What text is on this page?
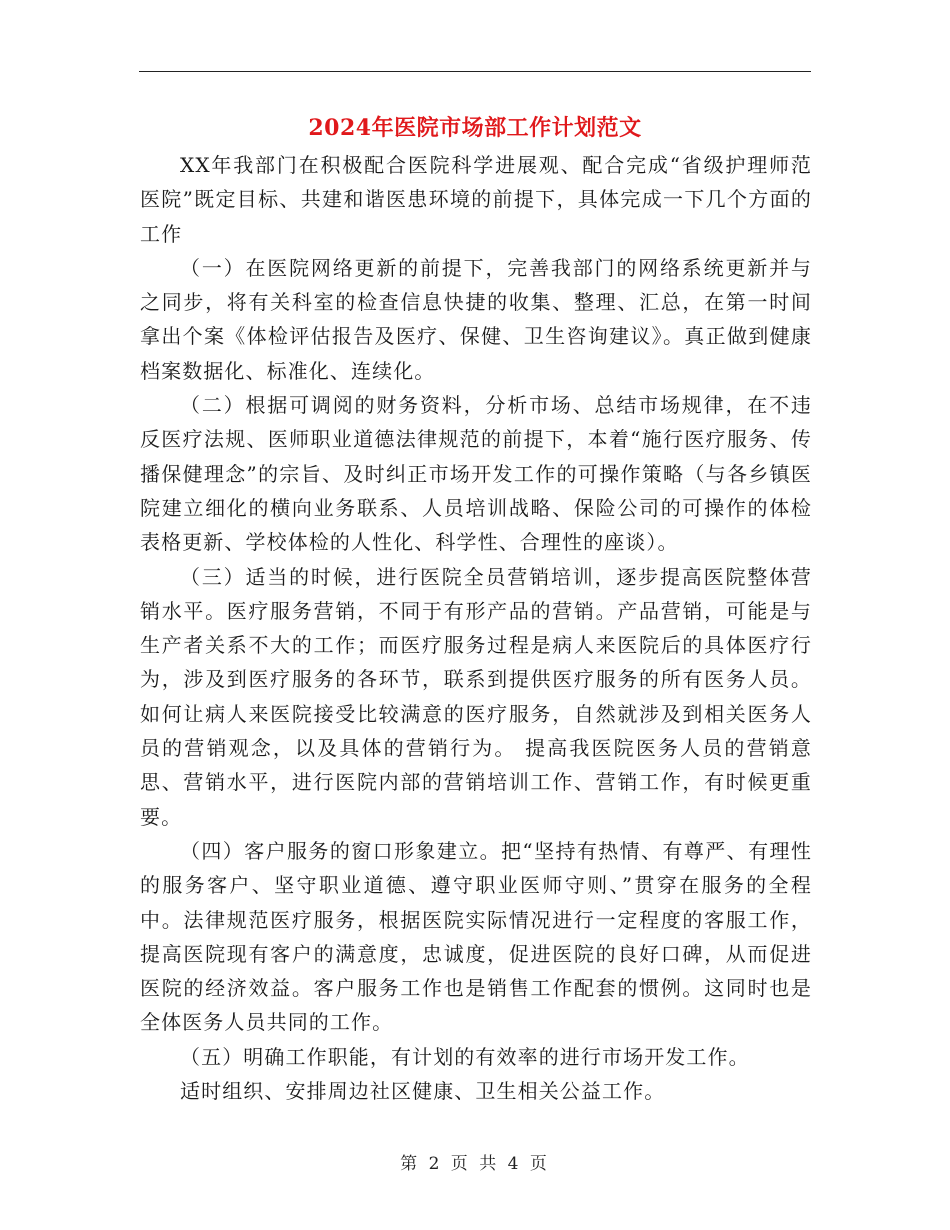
2024年医院市场部工作计划范文

XX年我部门在积极配合医院科学进展观、配合完成“省级护理师范医院”既定目标、共建和谐医患环境的前提下，具体完成一下几个方面的工作

（一）在医院网络更新的前提下，完善我部门的网络系统更新并与之同步，将有关科室的检查信息快捷的收集、整理、汇总，在第一时间拿出个案《体检评估报告及医疗、保健、卫生咨询建议》。真正做到健康档案数据化、标准化、连续化。

（二）根据可调阅的财务资料，分析市场、总结市场规律，在不违反医疗法规、医师职业道德法律规范的前提下，本着“施行医疗服务、传播保健理念”的宗旨、及时纠正市场开发工作的可操作策略（与各乡镇医院建立细化的横向业务联系、人员培训战略、保险公司的可操作的体检表格更新、学校体检的人性化、科学性、合理性的座谈）。

（三）适当的时候，进行医院全员营销培训，逐步提高医院整体营销水平。医疗服务营销，不同于有形产品的营销。产品营销，可能是与生产者关系不大的工作；而医疗服务过程是病人来医院后的具体医疗行为，涉及到医疗服务的各环节，联系到提供医疗服务的所有医务人员。如何让病人来医院接受比较满意的医疗服务，自然就涉及到相关医务人员的营销观念，以及具体的营销行为。 提高我医院医务人员的营销意思、营销水平，进行医院内部的营销培训工作、营销工作，有时候更重要。

（四）客户服务的窗口形象建立。把“坚持有热情、有尊严、有理性的服务客户、坚守职业道德、遵守职业医师守则、”贯穿在服务的全程中。法律规范医疗服务，根据医院实际情况进行一定程度的客服工作，提高医院现有客户的满意度，忠诚度，促进医院的良好口碑，从而促进医院的经济效益。客户服务工作也是销售工作配套的惯例。这同时也是全体医务人员共同的工作。

（五）明确工作职能，有计划的有效率的进行市场开发工作。

适时组织、安排周边社区健康、卫生相关公益工作。

第 2 页 共 4 页
